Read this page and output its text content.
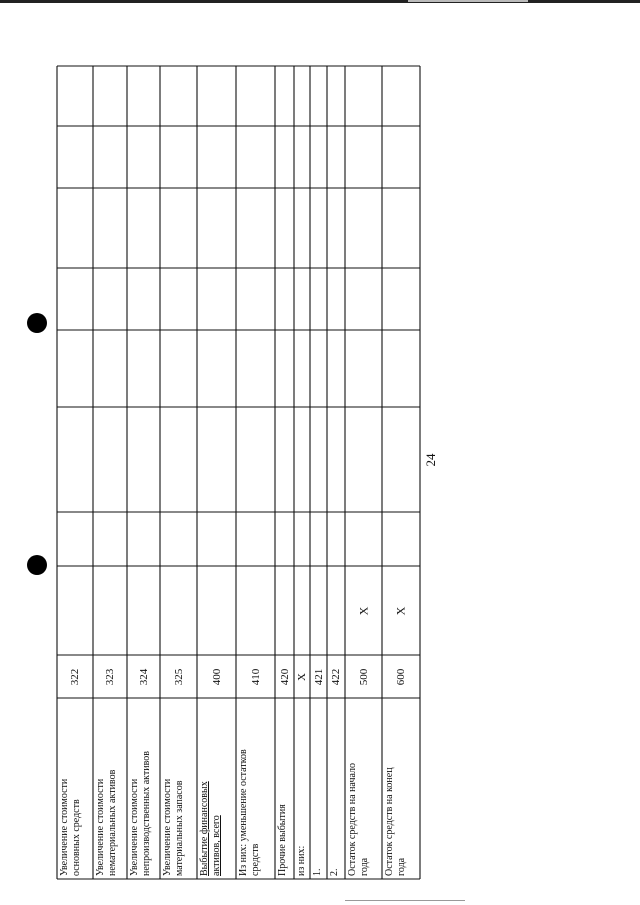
24
Увеличение стоимости основных средств
322
Увеличение стоимости нематериальных активов
323
Увеличение стоимости непроизводственных активов
324
Увеличение стоимости материальных запасов
325
Выбытие финансовых активов, всего
400
Из них: уменьшение остатков средств
410
Прочие выбытия
420
из них:
X
1.
421
2.
422
Остаток средств на начало года
500
Остаток средств на конец года
600
X X
